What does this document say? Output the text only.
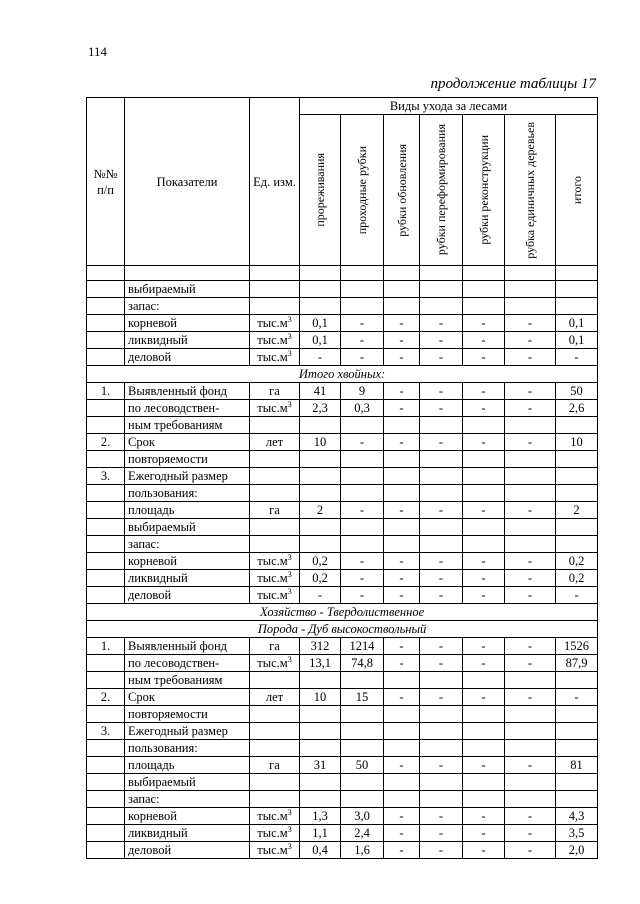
114
продолжение таблицы 17
№№ п/п	Показатели	Ед. изм.	Виды ухода за лесами						

			прореживания	проходные рубки	рубки обновления	рубки переформирования	рубки реконструкции	рубка единичных деревьев	итого

	выбираемый								
	запас:								
	корневой	$тыс.м^3$	0,1	-	-	-	-	-	0,1
	ликвидный	$тыс.м^3$	0,1	-	-	-	-	-	0,1
	деловой	$тыс.м^3$	-	-	-	-	-	-	-
Итого хвойных:									
1.	Выявленный фонд	га	41	9	-	-	-	-	50
	по лесоводствен-	$тыс.м^3$	2,3	0,3	-	-	-	-	2,6
	ным требованиям								
2.	Срок	лет	10	-	-	-	-	-	10
	повторяемости								
3.	Ежегодный размер								
	пользования:								
	площадь	га	2	-	-	-	-	-	2
	выбираемый								
	запас:								
	корневой	$тыс.м^3$	0,2	-	-	-	-	-	0,2
	ликвидный	$тыс.м^3$	0,2	-	-	-	-	-	0,2
	деловой	$тыс.м^3$	-	-	-	-	-	-	-
Хозяйство - Твердолиственное									
Порода - Дуб высокоствольный									
1.	Выявленный фонд	га	312	1214	-	-	-	-	1526
	по лесоводствен-	$тыс.м^3$	13,1	74,8	-	-	-	-	87,9
	ным требованиям								
2.	Срок	лет	10	15	-	-	-	-	-
	повторяемости								
3.	Ежегодный размер								
	пользования:								
	площадь	га	31	50	-	-	-	-	81
	выбираемый								
	запас:								
	корневой	$тыс.м^3$	1,3	3,0	-	-	-	-	4,3
	ликвидный	$тыс.м^3$	1,1	2,4	-	-	-	-	3,5
	деловой	$тыс.м^3$	0,4	1,6	-	-	-	-	2,0
